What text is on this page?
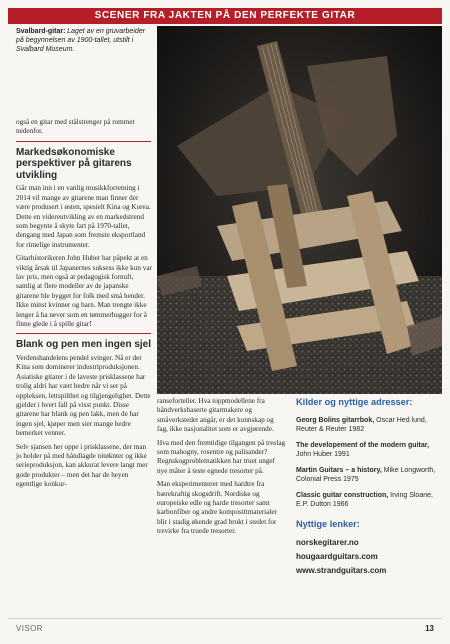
SCENER FRA JAKTEN PÅ DEN PERFEKTE GITAR
Svalbard-gitar: Laget av en gruvarbeider på begynnelsen av 1900-tallet, utstilt i Svalbard Museum.

også en gitar med stålstrenger på rommet nedenfor.

Markedsøkonomiske perspektiver på gitarens utvikling

Går man inn i en vanlig musikkforretning i 2014 vil mange av gitarene man finner der være produsert i østen, spesielt Kina og Korea. Dette en videreutvikling av en markedstrend som begynte å skyte fart på 1970-tallet, dengang med Japan som fremste eksportland for rimelige instrumenter.

Gitarhistorikeren John Huber har påpekt at en viktig årsak til Japanernes suksess ikke kun var lav pris, men også at pedagogisk fornuft, samlig at flere modeller av de japanske gitarene ble bygget for folk med små hender. Ikke minst kvinner og barn. Man trengte ikke lenger å ha never som en tømmerhugger for å finne glede i å spille gitar!

Blank og pen men ingen sjel

Verdenshandelens pendel svinger. Nå er det Kina som dominerer industriproduksjonen. Asiatiske gitarer i de laveste prisklassene har trolig aldri har vært bedre når vi ser på oppleksen, lettspilthet og tilgjengelighet. Dette gjelder i hvert fall på visst punkt. Disse gitarene har blank og pen lakk, men de har ingen sjel, kjøper men sier mange bedre bemerket venner.

Selv sjansen her oppe i prisklassene, der man jo holder på med håndlagde nitøknter og ikke serieproduksjon, kan akkurat levere langt mer gode produkter – men det har de heyen egentlige konkur-

ranseforteller. Hva toppmodellene fra håndverksbaserte gitarmakere og småverkstedet angår, er det kunnskap og fag, ikke nasjonalitet som er avgjørende.

Hva med den fremtidige tilgangen på treslag som mahogny, rosentre og palisander? Regnskogproblematikken har truet ungef nye måter å teste egnede tresorter på.

Man eksperimenterer med hardtre fra bærekraftig skogsdrift. Nordiske og europeiske edle og harde tresorter samt karbonfiber og andre komposittmaterialer blir i stadig økende grad brukt i stedet for trevirke fra truede tresorter.

Kilder og nyttige adresser:
Georg Bolins gitarrbok, Oscar Hed lund, Reuter & Reuter 1982
The developement of the modern guitar, John Huber 1991
Martin Guitars – a history, Mike Longworth, Colonial Press 1975
Classic guitar construction, Irving Sloane, E.P. Dutton 1966
Nyttige lenker:
norskegitarer.no
hougaardguitars.com
www.strandguitars.com
VISOR	13
